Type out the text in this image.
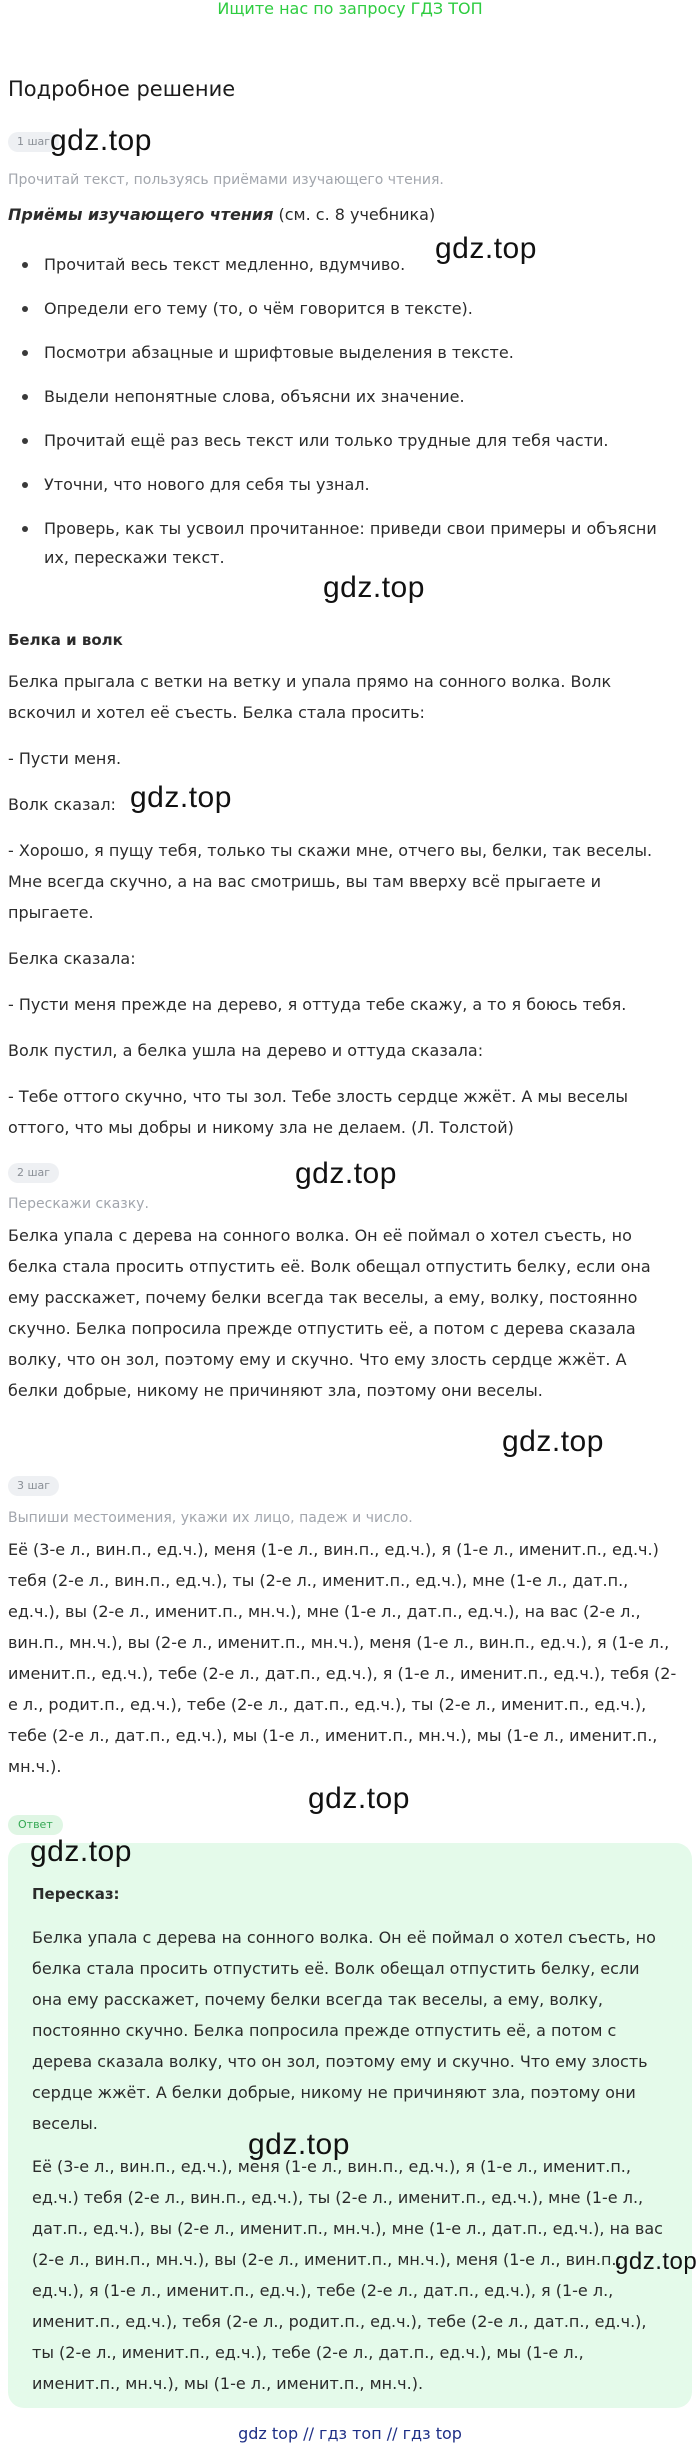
Ищите нас по запросу ГДЗ ТОП
Подробное решение
1 шаг gdz.top
Прочитай текст, пользуясь приёмами изучающего чтения.
Приёмы изучающего чтения (см. с. 8 учебника)
gdz.top
Прочитай весь текст медленно, вдумчиво.
Определи его тему (то, о чём говорится в тексте).
Посмотри абзацные и шрифтовые выделения в тексте.
Выдели непонятные слова, объясни их значение.
Прочитай ещё раз весь текст или только трудные для тебя части.
Уточни, что нового для себя ты узнал.
Проверь, как ты усвоил прочитанное: приведи свои примеры и объясни их, перескажи текст.
gdz.top

Белка и волк

Белка прыгала с ветки на ветку и упала прямо на сонного волка. Волк вскочил и хотел её съесть. Белка стала просить:

- Пусти меня.

Волк сказал:

- Хорошо, я пущу тебя, только ты скажи мне, отчего вы, белки, так веселы. Мне всегда скучно, а на вас смотришь, вы там вверху всё прыгаете и прыгаете.

Белка сказала:

- Пусти меня прежде на дерево, я оттуда тебе скажу, а то я боюсь тебя.

Волк пустил, а белка ушла на дерево и оттуда сказала:

- Тебе оттого скучно, что ты зол. Тебе злость сердце жжёт. А мы веселы оттого, что мы добры и никому зла не делаем. (Л. Толстой)

gdz.top
2 шаг	gdz.top
Перескажи сказку.
Белка упала с дерева на сонного волка. Он её поймал о хотел съесть, но белка стала просить отпустить её. Волк обещал отпустить белку, если она ему расскажет, почему белки всегда так веселы, а ему, волку, постоянно скучно. Белка попросила прежде отпустить её, а потом с дерева сказала волку, что он зол, поэтому ему и скучно. Что ему злость сердце жжёт. А белки добрые, никому не причиняют зла, поэтому они веселы.
gdz.top
3 шаг
Выпиши местоимения, укажи их лицо, падеж и число.
Её (3-е л., вин.п., ед.ч.), меня (1-е л., вин.п., ед.ч.), я (1-е л., именит.п., ед.ч.) тебя (2-е л., вин.п., ед.ч.), ты (2-е л., именит.п., ед.ч.), мне (1-е л., дат.п., ед.ч.), вы (2-е л., именит.п., мн.ч.), мне (1-е л., дат.п., ед.ч.), на вас (2-е л., вин.п., мн.ч.), вы (2-е л., именит.п., мн.ч.), меня (1-е л., вин.п., ед.ч.), я (1-е л., именит.п., ед.ч.), тебе (2-е л., дат.п., ед.ч.), я (1-е л., именит.п., ед.ч.), тебя (2-е л., родит.п., ед.ч.), тебе (2-е л., дат.п., ед.ч.), ты (2-е л., именит.п., ед.ч.), тебе (2-е л., дат.п., ед.ч.), мы (1-е л., именит.п., мн.ч.), мы (1-е л., именит.п., мн.ч.).
gdz.top
Ответ

Пересказ:

Белка упала с дерева на сонного волка. Он её поймал о хотел съесть, но белка стала просить отпустить её. Волк обещал отпустить белку, если она ему расскажет, почему белки всегда так веселы, а ему, волку, постоянно скучно. Белка попросила прежде отпустить её, а потом с дерева сказала волку, что он зол, поэтому ему и скучно. Что ему злость сердце жжёт. А белки добрые, никому не причиняют зла, поэтому они веселы.

Её (3-е л., вин.п., ед.ч.), меня (1-е л., вин.п., ед.ч.), я (1-е л., именит.п., ед.ч.) тебя (2-е л., вин.п., ед.ч.), ты (2-е л., именит.п., ед.ч.), мне (1-е л., дат.п., ед.ч.), вы (2-е л., именит.п., мн.ч.), мне (1-е л., дат.п., ед.ч.), на вас (2-е л., вин.п., мн.ч.), вы (2-е л., именит.п., мн.ч.), меня (1-е л., вин.п., ед.ч.), я (1-е л., именит.п., ед.ч.), тебе (2-е л., дат.п., ед.ч.), я (1-е л., именит.п., ед.ч.), тебя (2-е л., родит.п., ед.ч.), тебе (2-е л., дат.п., ед.ч.), ты (2-е л., именит.п., ед.ч.), тебе (2-е л., дат.п., ед.ч.), мы (1-е л., именит.п., мн.ч.), мы (1-е л., именит.п., мн.ч.).

gdz.top
gdz.top
gdz.top
gdz top // гдз топ // гдз top
